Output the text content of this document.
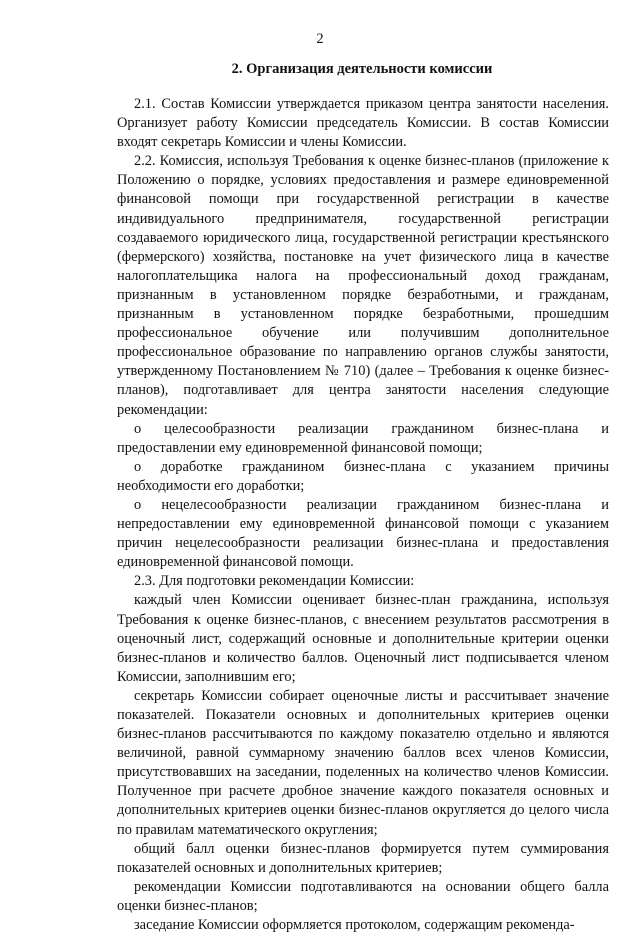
2
2. Организация деятельности комиссии

2.1. Состав Комиссии утверждается приказом центра занятости населения. Организует работу Комиссии председатель Комиссии. В состав Комиссии входят секретарь Комиссии и члены Комиссии.

2.2. Комиссия, используя Требования к оценке бизнес-планов (приложение к Положению о порядке, условиях предоставления и размере единовременной финансовой помощи при государственной регистрации в качестве индивидуального предпринимателя, государственной регистрации создаваемого юридического лица, государственной регистрации крестьянского (фермерского) хозяйства, постановке на учет физического лица в качестве налогоплательщика налога на профессиональный доход гражданам, признанным в установленном порядке безработными, и гражданам, признанным в установленном порядке безработными, прошедшим профессиональное обучение или получившим дополнительное профессиональное образование по направлению органов службы занятости, утвержденному Постановлением № 710) (далее – Требования к оценке бизнес-планов), подготавливает для центра занятости населения следующие рекомендации:

о целесообразности реализации гражданином бизнес-плана и предоставлении ему единовременной финансовой помощи;

о доработке гражданином бизнес-плана с указанием причины необходимости его доработки;

о нецелесообразности реализации гражданином бизнес-плана и непредоставлении ему единовременной финансовой помощи с указанием причин нецелесообразности реализации бизнес-плана и предоставления единовременной финансовой помощи.

2.3. Для подготовки рекомендации Комиссии:

каждый член Комиссии оценивает бизнес-план гражданина, используя Требования к оценке бизнес-планов, с внесением результатов рассмотрения в оценочный лист, содержащий основные и дополнительные критерии оценки бизнес-планов и количество баллов. Оценочный лист подписывается членом Комиссии, заполнившим его;

секретарь Комиссии собирает оценочные листы и рассчитывает значение показателей. Показатели основных и дополнительных критериев оценки бизнес-планов рассчитываются по каждому показателю отдельно и являются величиной, равной суммарному значению баллов всех членов Комиссии, присутствовавших на заседании, поделенных на количество членов Комиссии. Полученное при расчете дробное значение каждого показателя основных и дополнительных критериев оценки бизнес-планов округляется до целого числа по правилам математического округления;

общий балл оценки бизнес-планов формируется путем суммирования показателей основных и дополнительных критериев;

рекомендации Комиссии подготавливаются на основании общего балла оценки бизнес-планов;

заседание Комиссии оформляется протоколом, содержащим рекоменда-
